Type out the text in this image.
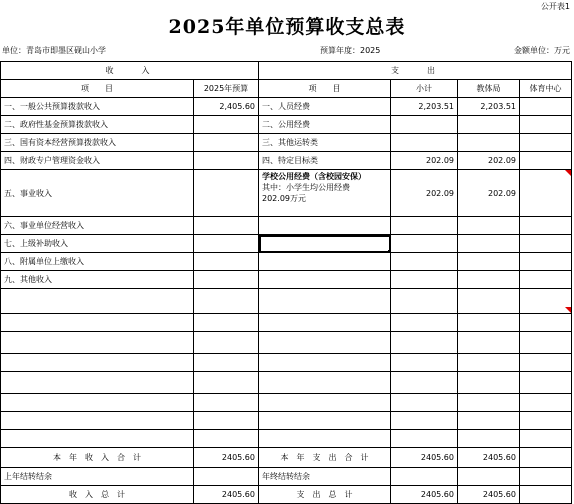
公开表1
2025年单位预算收支总表
单位：青岛市即墨区砚山小学	预算年度：2025	金额单位：万元
收　　入		支　　出			
项　　目	2025年预算	项　　目	小计	教体局	体育中心
一、一般公共预算拨款收入	2,405.60	一、人员经费	2,203.51	2,203.51	
二、政府性基金预算拨款收入		二、公用经费			
三、国有资本经营预算拨款收入		三、其他运转类			
四、财政专户管理资金收入		四、特定目标类	202.09	202.09	
五、事业收入		学校公用经费（含校园安保）
其中：小学生均公用经费
202.09万元	202.09	202.09	
六、事业单位经营收入					
七、上级补助收入		

八、附属单位上缴收入					
九、其他收入					

本　年　收　入　合　计	2405.60	本　年　支　出　合　计	2405.60	2405.60	
上年结转结余		年终结转结余			
收　入　总　计	2405.60	支　出　总　计	2405.60	2405.60	
